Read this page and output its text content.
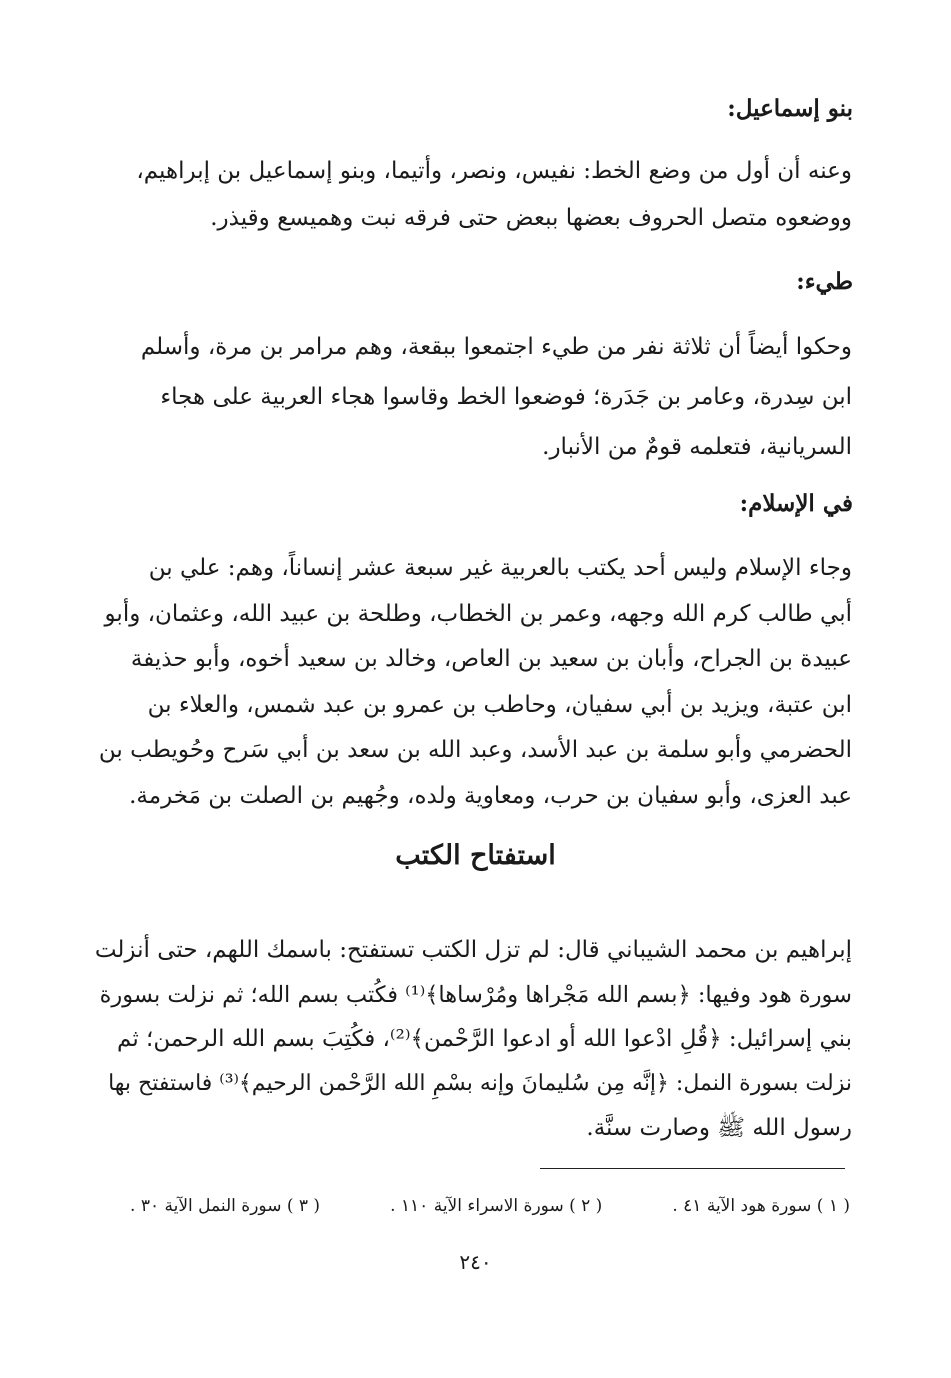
بنو إسماعيل:
وعنه أن أول من وضع الخط: نفيس، ونصر، وأتيما، وبنو إسماعيل بن إبراهيم،
ووضعوه متصل الحروف بعضها ببعض حتى فرقه نبت وهميسع وقيذر.
طيء:
وحكوا أيضاً أن ثلاثة نفر من طيء اجتمعوا ببقعة، وهم مرامر بن مرة، وأسلم
ابن سِدرة، وعامر بن جَدَرة؛ فوضعوا الخط وقاسوا هجاء العربية على هجاء
السريانية، فتعلمه قومٌ من الأنبار.
في الإسلام:
وجاء الإسلام وليس أحد يكتب بالعربية غير سبعة عشر إنساناً، وهم: علي بن
أبي طالب كرم الله وجهه، وعمر بن الخطاب، وطلحة بن عبيد الله، وعثمان، وأبو
عبيدة بن الجراح، وأبان بن سعيد بن العاص، وخالد بن سعيد أخوه، وأبو حذيفة
ابن عتبة، ويزيد بن أبي سفيان، وحاطب بن عمرو بن عبد شمس، والعلاء بن
الحضرمي وأبو سلمة بن عبد الأسد، وعبد الله بن سعد بن أبي سَرح وحُويطب بن
عبد العزى، وأبو سفيان بن حرب، ومعاوية ولده، وجُهيم بن الصلت بن مَخرمة.
استفتاح الكتب
إبراهيم بن محمد الشيباني قال: لم تزل الكتب تستفتح: باسمك اللهم، حتى أنزلت
سورة هود وفيها: ﴿بسم الله مَجْراها ومُرْساها﴾⁽¹⁾ فكُتب بسم الله؛ ثم نزلت بسورة
بني إسرائيل: ﴿قُلِ ادْعوا الله أو ادعوا الرَّحْمن﴾⁽²⁾، فكُتِبَ بسم الله الرحمن؛ ثم
نزلت بسورة النمل: ﴿إنَّه مِن سُليمانَ وإنه بسْمِ الله الرَّحْمن الرحيم﴾⁽³⁾ فاستفتح بها
رسول الله ﷺ وصارت سنَّة.
( ١ ) سورة هود الآية ٤١ .
( ٢ ) سورة الاسراء الآية ١١٠ .
( ٣ ) سورة النمل الآية ٣٠ .
٢٤٠
